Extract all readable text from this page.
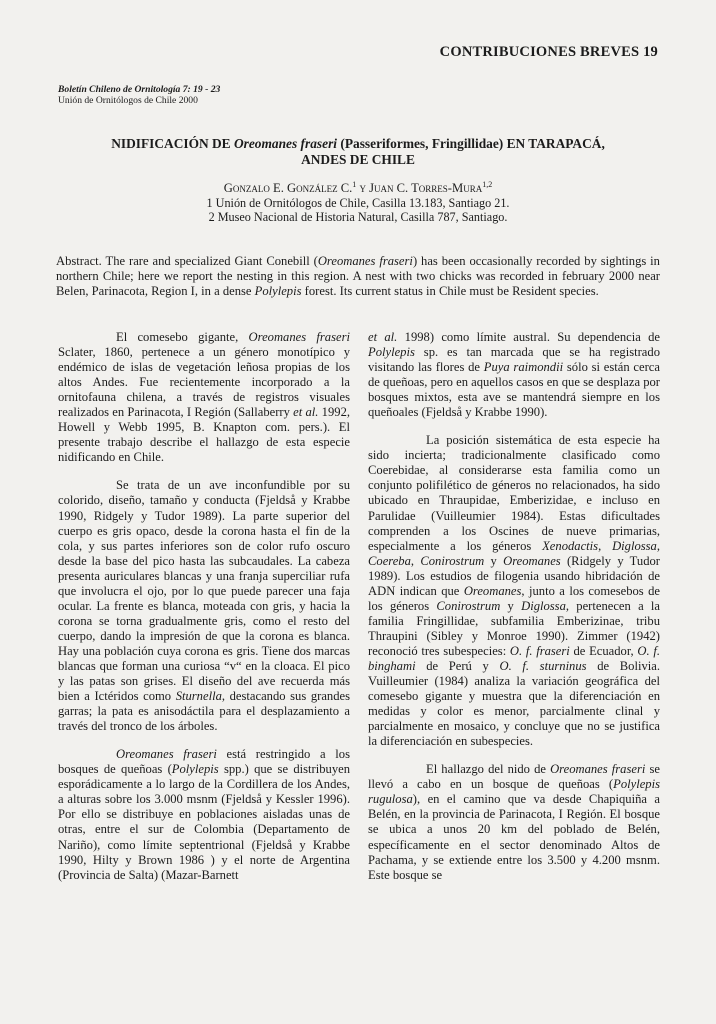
CONTRIBUCIONES BREVES 19
Boletín Chileno de Ornitología 7: 19 - 23
Unión de Ornitólogos de Chile 2000
NIDIFICACIÓN DE Oreomanes fraseri (Passeriformes, Fringillidae) EN TARAPACÁ,
ANDES DE CHILE
Gonzalo E. González C.$^1$ y Juan C. Torres-Mura$^{1,2}$
1 Unión de Ornitólogos de Chile, Casilla 13.183, Santiago 21.
2 Museo Nacional de Historia Natural, Casilla 787, Santiago.
Abstract. The rare and specialized Giant Conebill (Oreomanes fraseri) has been occasionally recorded by sightings in northern Chile; here we report the nesting in this region. A nest with two chicks was recorded in february 2000 near Belen, Parinacota, Region I, in a dense Polylepis forest. Its current status in Chile must be Resident species.

El comesebo gigante, Oreomanes fraseri Sclater, 1860, pertenece a un género monotípico y endémico de islas de vegetación leñosa propias de los altos Andes. Fue recientemente incorporado a la ornitofauna chilena, a través de registros visuales realizados en Parinacota, I Región (Sallaberry et al. 1992, Howell y Webb 1995, B. Knapton com. pers.). El presente trabajo describe el hallazgo de esta especie nidificando en Chile.

Se trata de un ave inconfundible por su colorido, diseño, tamaño y conducta (Fjeldså y Krabbe 1990, Ridgely y Tudor 1989). La parte superior del cuerpo es gris opaco, desde la corona hasta el fin de la cola, y sus partes inferiores son de color rufo oscuro desde la base del pico hasta las subcaudales. La cabeza presenta auriculares blancas y una franja superciliar rufa que involucra el ojo, por lo que puede parecer una faja ocular. La frente es blanca, moteada con gris, y hacia la corona se torna gradualmente gris, como el resto del cuerpo, dando la impresión de que la corona es blanca. Hay una población cuya corona es gris. Tiene dos marcas blancas que forman una curiosa “v“ en la cloaca. El pico y las patas son grises. El diseño del ave recuerda más bien a Ictéridos como Sturnella, destacando sus grandes garras; la pata es anisodáctila para el desplazamiento a través del tronco de los árboles.

Oreomanes fraseri está restringido a los bosques de queñoas (Polylepis spp.) que se distribuyen esporádicamente a lo largo de la Cordillera de los Andes, a alturas sobre los 3.000 msnm (Fjeldså y Kessler 1996). Por ello se distribuye en poblaciones aisladas unas de otras, entre el sur de Colombia (Departamento de Nariño), como límite septentrional (Fjeldså y Krabbe 1990, Hilty y Brown 1986 ) y el norte de Argentina (Provincia de Salta) (Mazar-Barnett

et al. 1998) como límite austral. Su dependencia de Polylepis sp. es tan marcada que se ha registrado visitando las flores de Puya raimondii sólo si están cerca de queñoas, pero en aquellos casos en que se desplaza por bosques mixtos, esta ave se mantendrá siempre en los queñoales (Fjeldså y Krabbe 1990).

La posición sistemática de esta especie ha sido incierta; tradicionalmente clasificado como Coerebidae, al considerarse esta familia como un conjunto polifilético de géneros no relacionados, ha sido ubicado en Thraupidae, Emberizidae, e incluso en Parulidae (Vuilleumier 1984). Estas dificultades comprenden a los Oscines de nueve primarias, especialmente a los géneros Xenodactis, Diglossa, Coereba, Conirostrum y Oreomanes (Ridgely y Tudor 1989). Los estudios de filogenia usando hibridación de ADN indican que Oreomanes, junto a los comesebos de los géneros Conirostrum y Diglossa, pertenecen a la familia Fringillidae, subfamilia Emberizinae, tribu Thraupini (Sibley y Monroe 1990). Zimmer (1942) reconoció tres subespecies: O. f. fraseri de Ecuador, O. f. binghami de Perú y O. f. sturninus de Bolivia. Vuilleumier (1984) analiza la variación geográfica del comesebo gigante y muestra que la diferenciación en medidas y color es menor, parcialmente clinal y parcialmente en mosaico, y concluye que no se justifica la diferenciación en subespecies.

El hallazgo del nido de Oreomanes fraseri se llevó a cabo en un bosque de queñoas (Polylepis rugulosa), en el camino que va desde Chapiquiña a Belén, en la provincia de Parinacota, I Región. El bosque se ubica a unos 20 km del poblado de Belén, específicamente en el sector denominado Altos de Pachama, y se extiende entre los 3.500 y 4.200 msnm. Este bosque se
